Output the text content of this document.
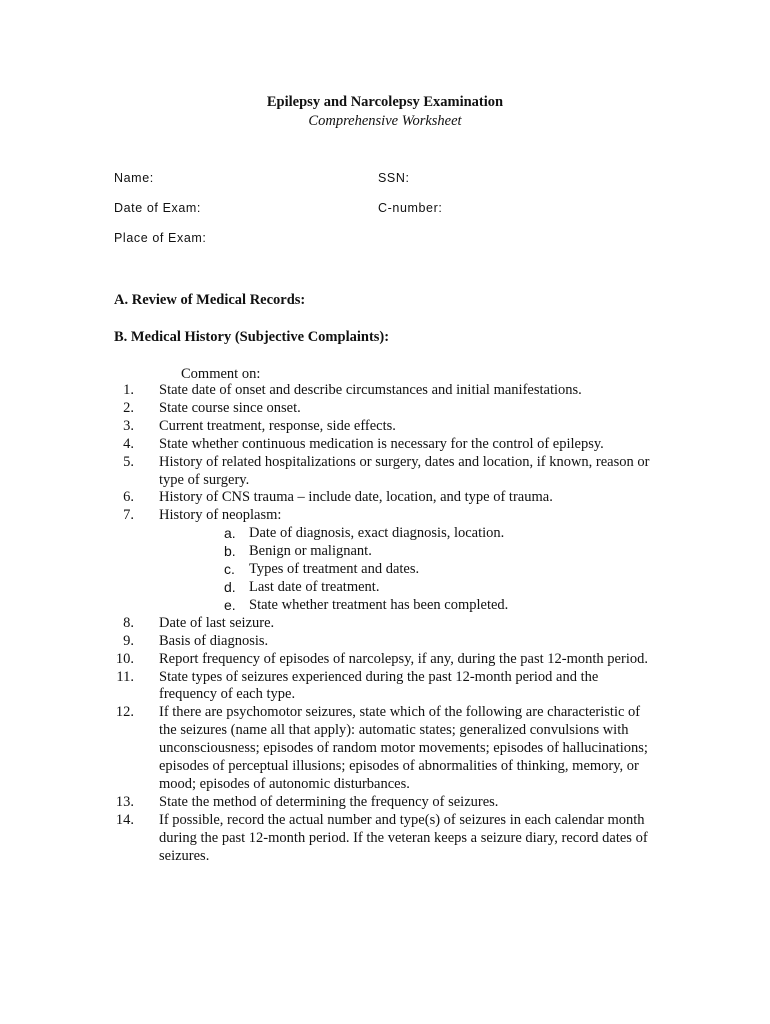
Epilepsy and Narcolepsy Examination
Comprehensive Worksheet
Name:	SSN:
Date of Exam:	C-number:
Place of Exam:
A. Review of Medical Records:
B. Medical History (Subjective Complaints):
Comment on:
1. State date of onset and describe circumstances and initial manifestations.
2. State course since onset.
3. Current treatment, response, side effects.
4. State whether continuous medication is necessary for the control of epilepsy.
5. History of related hospitalizations or surgery, dates and location, if known, reason or type of surgery.
6. History of CNS trauma – include date, location, and type of trauma.
7. History of neoplasm:
a. Date of diagnosis, exact diagnosis, location.
b. Benign or malignant.
c. Types of treatment and dates.
d. Last date of treatment.
e. State whether treatment has been completed.
8. Date of last seizure.
9. Basis of diagnosis.
10. Report frequency of episodes of narcolepsy, if any, during the past 12-month period.
11. State types of seizures experienced during the past 12-month period and the frequency of each type.
12. If there are psychomotor seizures, state which of the following are characteristic of the seizures (name all that apply): automatic states; generalized convulsions with unconsciousness; episodes of random motor movements; episodes of hallucinations; episodes of perceptual illusions; episodes of abnormalities of thinking, memory, or mood; episodes of autonomic disturbances.
13. State the method of determining the frequency of seizures.
14. If possible, record the actual number and type(s) of seizures in each calendar month during the past 12-month period. If the veteran keeps a seizure diary, record dates of seizures.
